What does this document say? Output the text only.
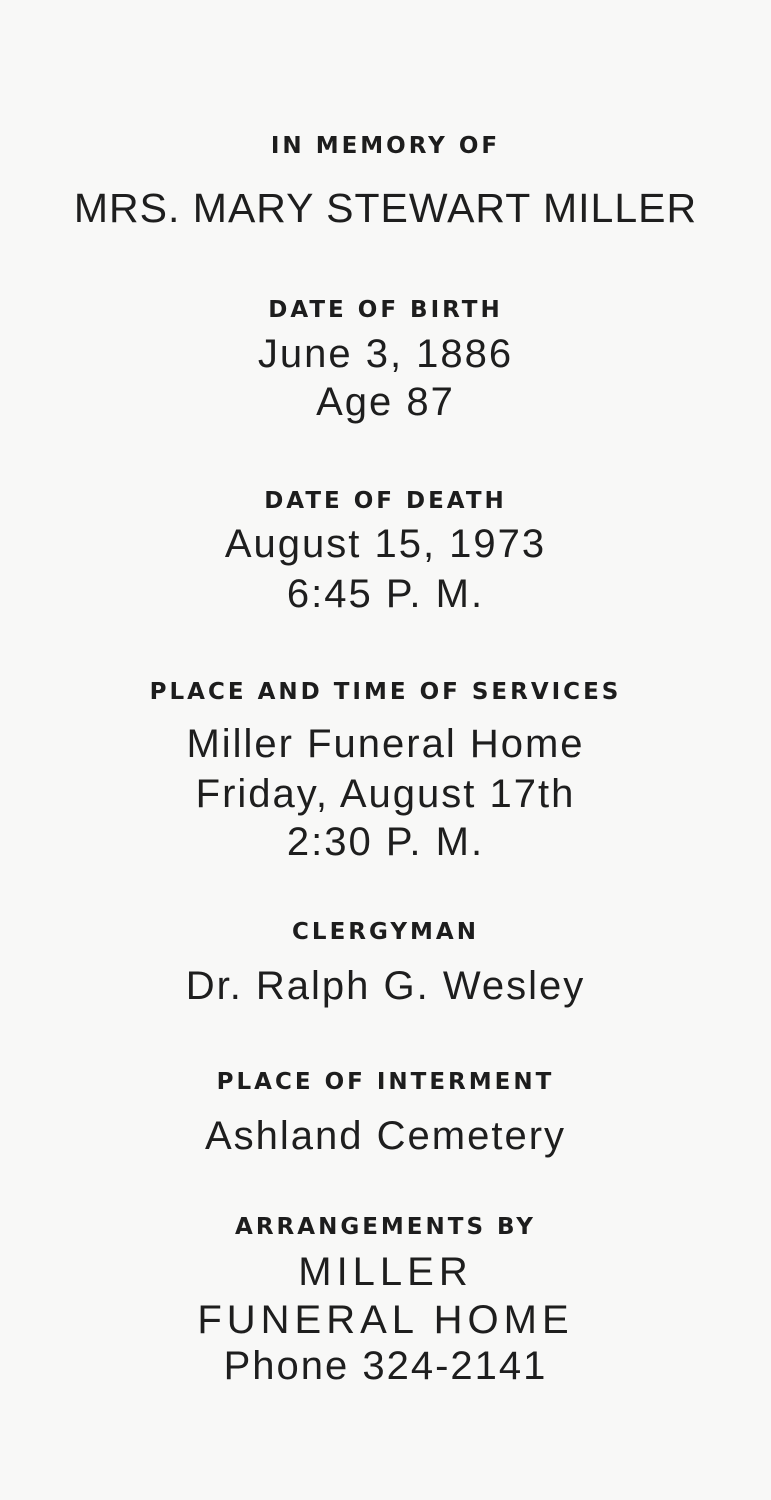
IN MEMORY OF
MRS. MARY STEWART MILLER
DATE OF BIRTH
June 3, 1886
Age 87
DATE OF DEATH
August 15, 1973
6:45 P. M.
PLACE AND TIME OF SERVICES
Miller Funeral Home
Friday, August 17th
2:30 P. M.
CLERGYMAN
Dr. Ralph G. Wesley
PLACE OF INTERMENT
Ashland Cemetery
ARRANGEMENTS BY
MILLER
FUNERAL HOME
Phone 324-2141
